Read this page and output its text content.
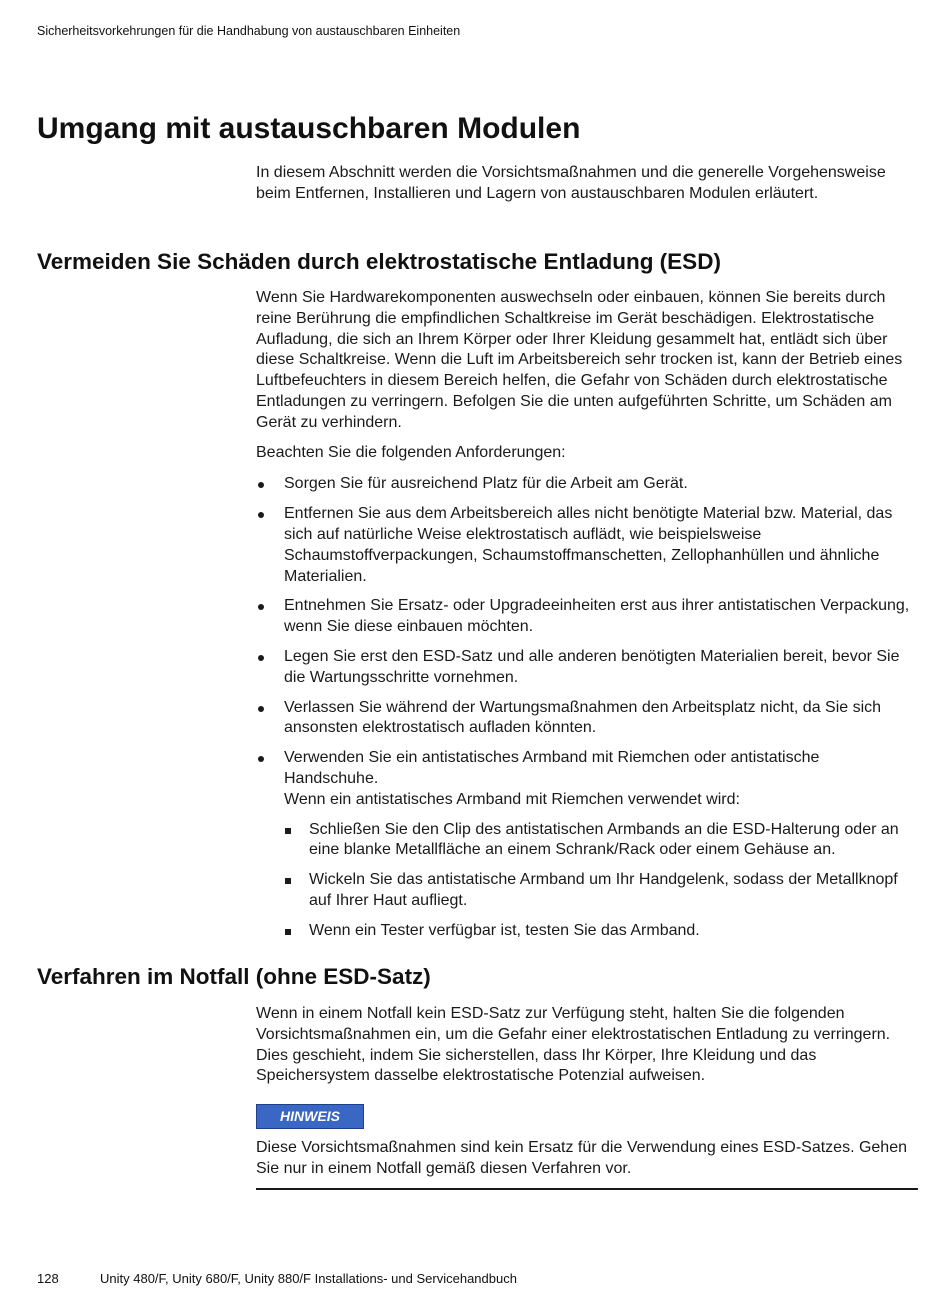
Sicherheitsvorkehrungen für die Handhabung von austauschbaren Einheiten
Umgang mit austauschbaren Modulen

In diesem Abschnitt werden die Vorsichtsmaßnahmen und die generelle Vorgehensweise beim Entfernen, Installieren und Lagern von austauschbaren Modulen erläutert.

Vermeiden Sie Schäden durch elektrostatische Entladung (ESD)

Wenn Sie Hardwarekomponenten auswechseln oder einbauen, können Sie bereits durch reine Berührung die empfindlichen Schaltkreise im Gerät beschädigen. Elektrostatische Aufladung, die sich an Ihrem Körper oder Ihrer Kleidung gesammelt hat, entlädt sich über diese Schaltkreise. Wenn die Luft im Arbeitsbereich sehr trocken ist, kann der Betrieb eines Luftbefeuchters in diesem Bereich helfen, die Gefahr von Schäden durch elektrostatische Entladungen zu verringern. Befolgen Sie die unten aufgeführten Schritte, um Schäden am Gerät zu verhindern.

Beachten Sie die folgenden Anforderungen:

Sorgen Sie für ausreichend Platz für die Arbeit am Gerät.
Entfernen Sie aus dem Arbeitsbereich alles nicht benötigte Material bzw. Material, das sich auf natürliche Weise elektrostatisch auflädt, wie beispielsweise Schaumstoffverpackungen, Schaumstoffmanschetten, Zellophanhüllen und ähnliche Materialien.
Entnehmen Sie Ersatz- oder Upgradeeinheiten erst aus ihrer antistatischen Verpackung, wenn Sie diese einbauen möchten.
Legen Sie erst den ESD-Satz und alle anderen benötigten Materialien bereit, bevor Sie die Wartungsschritte vornehmen.
Verlassen Sie während der Wartungsmaßnahmen den Arbeitsplatz nicht, da Sie sich ansonsten elektrostatisch aufladen könnten.
Verwenden Sie ein antistatisches Armband mit Riemchen oder antistatische Handschuhe.
Wenn ein antistatisches Armband mit Riemchen verwendet wird:
Schließen Sie den Clip des antistatischen Armbands an die ESD-Halterung oder an eine blanke Metallfläche an einem Schrank/Rack oder einem Gehäuse an.
Wickeln Sie das antistatische Armband um Ihr Handgelenk, sodass der Metallknopf auf Ihrer Haut aufliegt.
Wenn ein Tester verfügbar ist, testen Sie das Armband.
Verfahren im Notfall (ohne ESD-Satz)

Wenn in einem Notfall kein ESD-Satz zur Verfügung steht, halten Sie die folgenden Vorsichtsmaßnahmen ein, um die Gefahr einer elektrostatischen Entladung zu verringern. Dies geschieht, indem Sie sicherstellen, dass Ihr Körper, Ihre Kleidung und das Speichersystem dasselbe elektrostatische Potenzial aufweisen.

HINWEIS

Diese Vorsichtsmaßnahmen sind kein Ersatz für die Verwendung eines ESD-Satzes. Gehen Sie nur in einem Notfall gemäß diesen Verfahren vor.

128	Unity 480/F, Unity 680/F, Unity 880/F Installations- und Servicehandbuch
